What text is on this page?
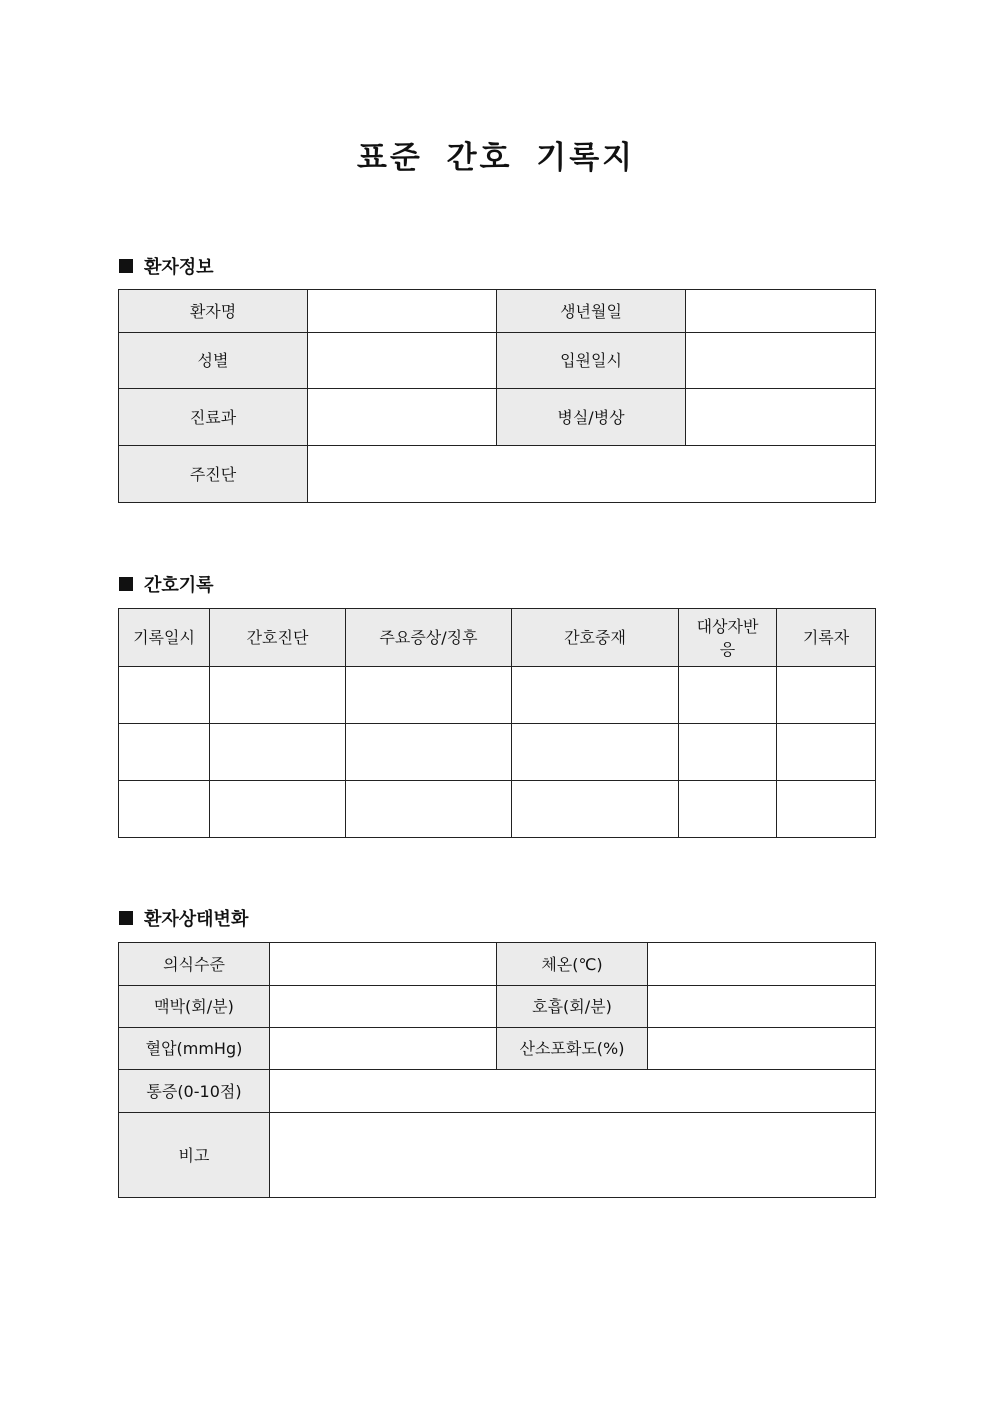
표준 간호 기록지
환자정보
환자명		생년월일	
성별		입원일시	
진료과		병실/병상	
주진단			
간호기록
기록일시	간호진단	주요증상/징후	간호중재	대상자반응	기록자

환자상태변화
의식수준		체온(℃)	
맥박(회/분)		호흡(회/분)	
혈압(mmHg)		산소포화도(%)	
통증(0-10점)			
비고			
